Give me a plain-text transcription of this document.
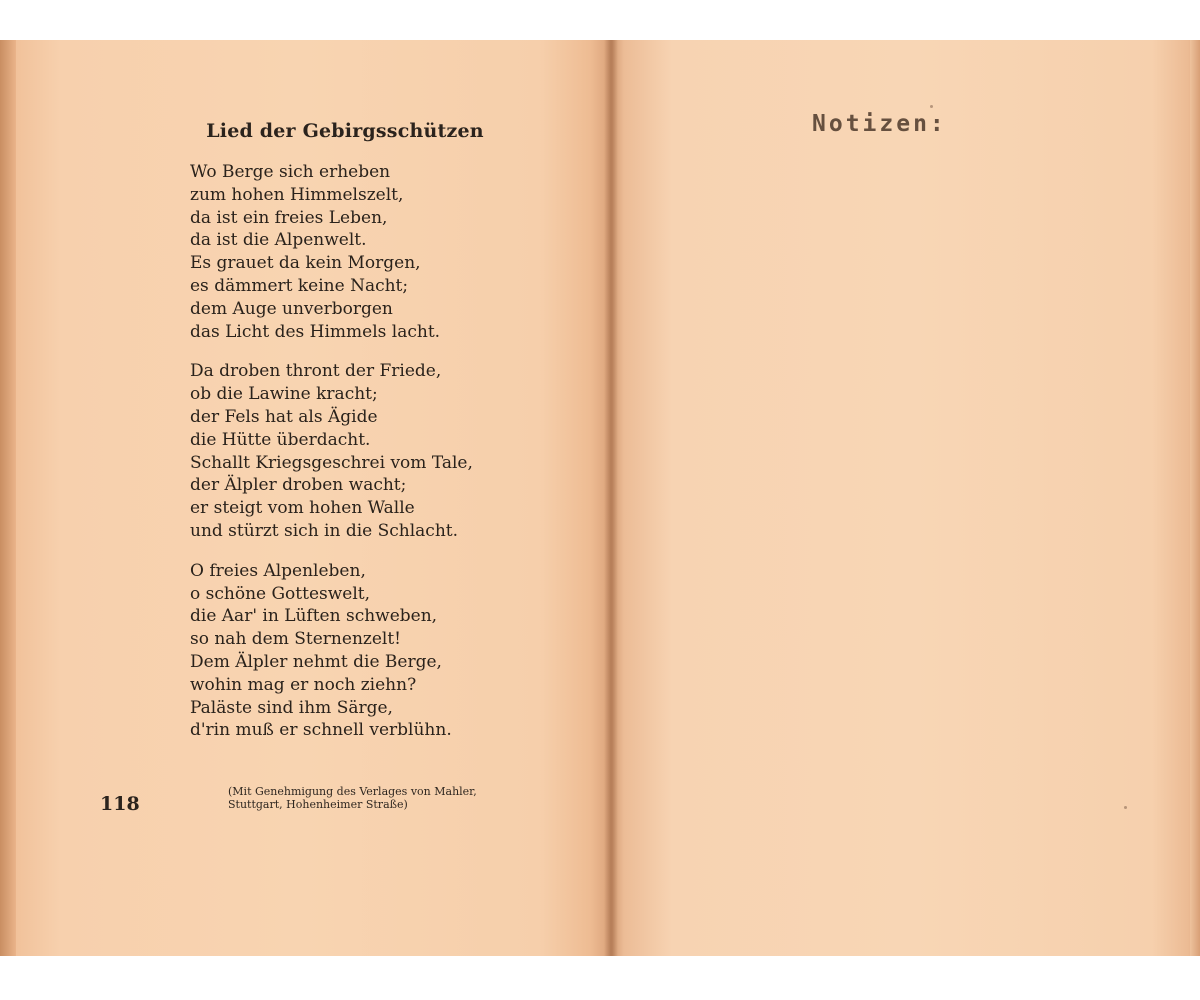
Lied der Gebirgsschützen
Wo Berge sich erheben
zum hohen Himmelszelt,
da ist ein freies Leben,
da ist die Alpenwelt.
Es grauet da kein Morgen,
es dämmert keine Nacht;
dem Auge unverborgen
das Licht des Himmels lacht.
Da droben thront der Friede,
ob die Lawine kracht;
der Fels hat als Ägide
die Hütte überdacht.
Schallt Kriegsgeschrei vom Tale,
der Älpler droben wacht;
er steigt vom hohen Walle
und stürzt sich in die Schlacht.
O freies Alpenleben,
o schöne Gotteswelt,
die Aar' in Lüften schweben,
so nah dem Sternenzelt!
Dem Älpler nehmt die Berge,
wohin mag er noch ziehn?
Paläste sind ihm Särge,
d'rin muß er schnell verblühn.
(Mit Genehmigung des Verlages von Mahler,
Stuttgart, Hohenheimer Straße)
118
Notizen:
